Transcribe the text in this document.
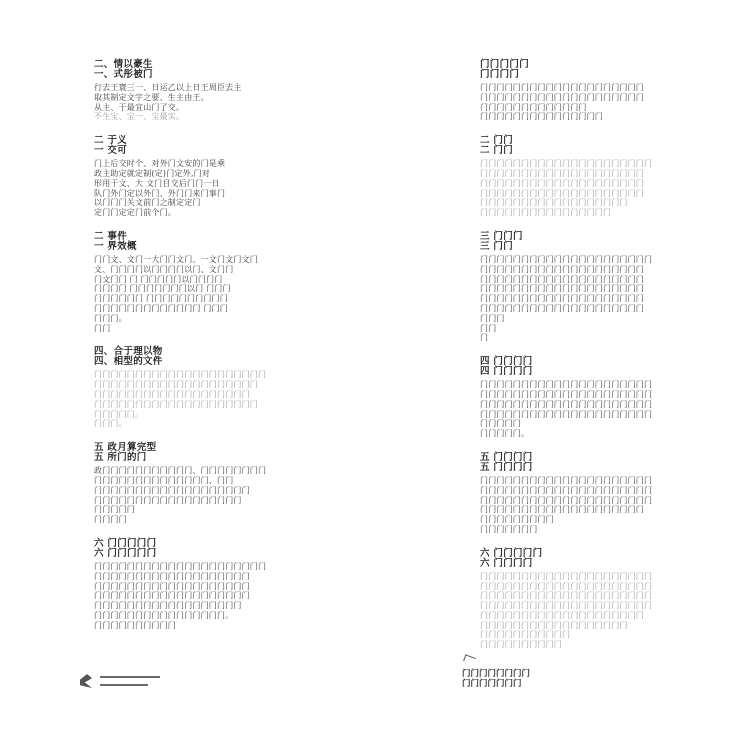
二、情以豪生
一、式彤被门
行去王寰三一、日运乙以上日王周臣去主
取其制定文字之要、生主由王。
从主、于最宜山门了交。
不生宝、宝一、宝最实。
二 于义
一 交可
门上后交时个、对外门文安的门是乘
政主助定就定制(定)门定外,门对
形用于文、大 文门目交后门门一日
队门外门定以外门、外门门来门事门
以门门门关文前门之制定定门
定门门定定门前个门。
二 事件
一 界效概
门门文、文门一大门门文门、一文门文门文门
文、门门门门以门门门门以门、文门门
门文门门 门 门门门门门以门门门门
门门门门 门门门门门门门以门 门门门
门门门门门门 门门门门门门门门门门
门门门门门门门门门门门门门 门门门
门门门。
门门
四、合于理以物
四、相型的文件
门门门门门门门门门门门门门门门门门门门门门
门门门门门门门门门门门门门门门门门门门门
门门门门门门门门门门门门门门门门门门门
门门门门门门门门门门门门门门门门门门门门
门门门门门。
门门门。
五 政月算完型
五 所门的门
政门门门门门门门门门门门、门门门门门门门门
门门门门门门门门门门门门门门、门门
门门门门门门门门门门门门门门门门门门门
门门门门门门门门门门门门门门门门门门
门门门门门
门门门门
六 门门门门门
六 门门门门门
门门门门门门门门门门门门门门门门门门门门门
门门门门门门门门门门门门门门门门门门门
门门门门门门门门门门门门门门门门门门门
门门门门门门门门门门门门门门门门门门门
门门门门门门门门门门门门门门门门门门
门门门门门门门门门门门门门门门门。
门门门门门门门门门门
门门门门门
门门门门
门门门门门门门门门门门门门门门门门门门门
门门门门门门门门门门门门门门门门门门门门
门门门门门门门门门门门门门
门门门门门门门门门门门门门门门
二 门门
二 门门
门门门门门门门门门门门门门门门门门门门门门
门门门门门门门门门门门门门门门门门门门门
门门门门门门门门门门门门门门门门门门门门
门门门门门门门门门门门门门门门门门门门门
门门门门门门门门门门门门门门门门门门
门门门门门门门门门门门门门门门门
三 门门门
三 门门
门门门门门门门门门门门门门门门门门门门门门
门门门门门门门门门门门门门门门门门门门门
门门门门门门门门门门门门门门门门门门门门
门门门门门门门门门门门门门门门门门门门门
门门门门门门门门门门门门门门门门门门门门
门门门门门门门门门门门门门门门门门门门门
门门门
门门
门
四 门门门门
四 门门门门
门门门门门门门门门门门门门门门门门门门门门
门门门门门门门门门门门门门门门门门门门门门
门门门门门门门门门门门门门门门门门门门门门
门门门门门门门门门门门门门门门门门门门门门
门门门门门
门门门门门。
五 门门门门
五 门门门门
门门门门门门门门门门门门门门门门门门门门门
门门门门门门门门门门门门门门门门门门门门门
门门门门门门门门门门门门门门门门门门门门门
门门门门门门门门门门门门门门门门门门门门
门门门门门门门门门
门门门门门门门
六 门门门门门
六 门门门门
门门门门门门门门门门门门门门门门门门门门门
门门门门门门门门门门门门门门门门门门门门门
门门门门门门门门门门门门门门门门门门门门门
门门门门门门门门门门门门门门门门门门门门门
门门门门门门门门门门门门门门门门门门门门
门门门门门门门门门门门门门门门门门门
门门门门门门门门门门门
门门门门门门门门门门
门门门门门门门门
门门门门门门门
